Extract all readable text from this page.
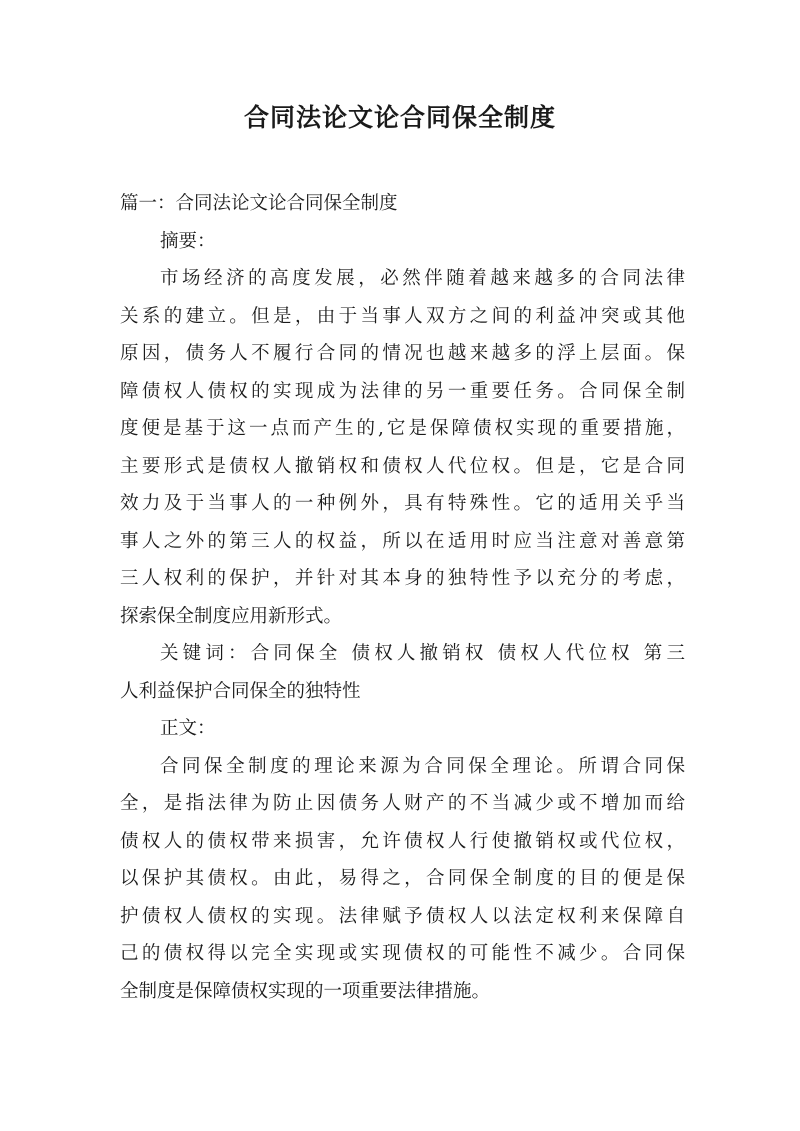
合同法论文论合同保全制度
篇一：合同法论文论合同保全制度
摘要：
市场经济的高度发展，必然伴随着越来越多的合同法律
关系的建立。但是，由于当事人双方之间的利益冲突或其他
原因，债务人不履行合同的情况也越来越多的浮上层面。保
障债权人债权的实现成为法律的另一重要任务。合同保全制
度便是基于这一点而产生的,它是保障债权实现的重要措施，
主要形式是债权人撤销权和债权人代位权。但是，它是合同
效力及于当事人的一种例外，具有特殊性。它的适用关乎当
事人之外的第三人的权益，所以在适用时应当注意对善意第
三人权利的保护，并针对其本身的独特性予以充分的考虑，
探索保全制度应用新形式。
关键词：合同保全 债权人撤销权 债权人代位权 第三
人利益保护合同保全的独特性
正文：
合同保全制度的理论来源为合同保全理论。所谓合同保
全，是指法律为防止因债务人财产的不当减少或不增加而给
债权人的债权带来损害，允许债权人行使撤销权或代位权，
以保护其债权。由此，易得之，合同保全制度的目的便是保
护债权人债权的实现。法律赋予债权人以法定权利来保障自
己的债权得以完全实现或实现债权的可能性不减少。合同保
全制度是保障债权实现的一项重要法律措施。
